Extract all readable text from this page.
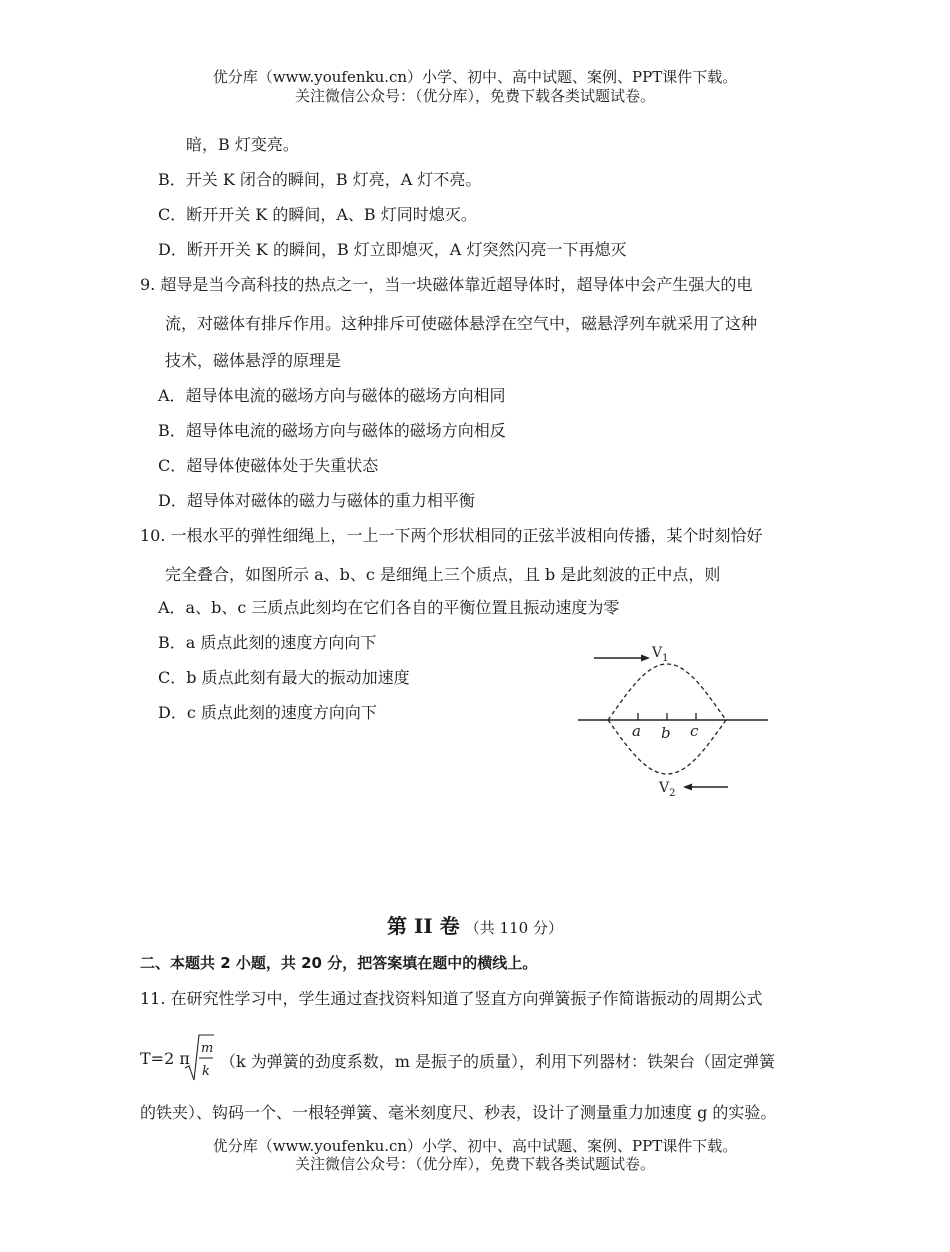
优分库（www.youfenku.cn）小学、初中、高中试题、案例、PPT课件下载。
关注微信公众号：（优分库），免费下载各类试题试卷。
暗，B 灯变亮。
B．开关 K 闭合的瞬间，B 灯亮，A 灯不亮。
C．断开开关 K 的瞬间，A、B 灯同时熄灭。
D．断开开关 K 的瞬间，B 灯立即熄灭，A 灯突然闪亮一下再熄灭
9. 超导是当今高科技的热点之一，当一块磁体靠近超导体时，超导体中会产生强大的电
流，对磁体有排斥作用。这种排斥可使磁体悬浮在空气中，磁悬浮列车就采用了这种
技术，磁体悬浮的原理是
A．超导体电流的磁场方向与磁体的磁场方向相同
B．超导体电流的磁场方向与磁体的磁场方向相反
C．超导体使磁体处于失重状态
D．超导体对磁体的磁力与磁体的重力相平衡
10. 一根水平的弹性细绳上，一上一下两个形状相同的正弦半波相向传播，某个时刻恰好
完全叠合，如图所示 a、b、c 是细绳上三个质点，且 b 是此刻波的正中点，则
A．a、b、c 三质点此刻均在它们各自的平衡位置且振动速度为零
B．a 质点此刻的速度方向向下
C．b 质点此刻有最大的振动加速度
D．c 质点此刻的速度方向向下
$V_1$
a b c
$V_2$
第 II 卷 （共 110 分）
二、本题共 2 小题，共 20 分，把答案填在题中的横线上。
11. 在研究性学习中，学生通过查找资料知道了竖直方向弹簧振子作简谐振动的周期公式
T=2 π
m
k
（k 为弹簧的劲度系数，m 是振子的质量），利用下列器材：铁架台（固定弹簧
的铁夹）、钩码一个、一根轻弹簧、毫米刻度尺、秒表，设计了测量重力加速度 g 的实验。
优分库（www.youfenku.cn）小学、初中、高中试题、案例、PPT课件下载。
关注微信公众号：（优分库），免费下载各类试题试卷。
